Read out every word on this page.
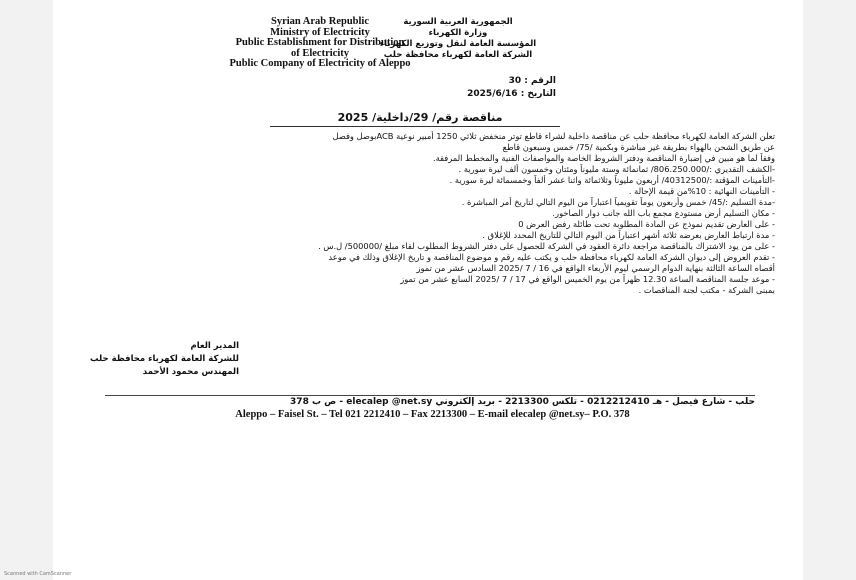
Syrian Arab Republic
Ministry of Electricity
Public Establishment for Distribution
of Electricity
Public Company of Electricity of Aleppo
الجمهورية العربية السورية
وزارة الكهرباء
المؤسسة العامة لنقل وتوزيع الكهرباء
الشركة العامة لكهرباء محافظة حلب
الرقم : 30
التاريخ : 2025/6/16
مناقصة رقم/ 29/داخلية/ 2025
تعلن الشركة العامة لكهرباء محافظة حلب عن مناقصة داخلية لشراء قاطع توتر منخفض ثلاثي 1250 أمبير نوعية ACBبوصل وفصل
عن طريق الشحن بالهواء بطريقة غير مباشرة وبكمية /75/ خمس وسبعون قاطع
وفقاً لما هو مبين في إضبارة المناقصة ودفتر الشروط الخاصة والمواصفات الفنية والمخطط المرفقة.
-الكشف التقديري :/806.250.000/ ثمانمائة وستة مليوناً ومئتان وخمسون ألف ليرة سورية .
-التأمينات المؤقتة :/40312500/ أربعون مليوناً وثلاثمائة واثنا عشر ألفاً وخمسمائة ليرة سورية .
- التأمينات النهائية : 10%من قيمة الإحالة .
-مدة التسليم :/45/ خمس وأربعون يوماً تقويمياً اعتباراً من اليوم التالي لتاريخ أمر المباشرة .
- مكان التسليم أرض مستودع مجمع باب الله جانب دوار الصاخور.
- على العارض تقديم نموذج عن المادة المطلوبة تحت طائلة رفض العرض 0
- مدة ارتباط العارض بعرضه ثلاثة أشهر اعتباراً من اليوم التالي للتاريخ المحدد للإغلاق .
- على من يود الاشتراك بالمناقصة مراجعة دائرة العقود في الشركة للحصول على دفتر الشروط المطلوب لقاء مبلغ /500000/ ل.س .
- تقدم العروض إلى ديوان الشركة العامة لكهرباء محافظة حلب و يكتب عليه رقم و موضوع المناقصة و تاريخ الإغلاق وذلك في موعد
أقصاه الساعة الثالثة بنهاية الدوام الرسمي ليوم الأربعاء الواقع في 16 / 7 /2025 السادس عشر من تموز
- موعد جلسة المناقصة الساعة 12.30 ظهراً من يوم الخميس الواقع في 17 / 7 /2025 السابع عشر من تموز
بمبنى الشركة - مكتب لجنة المناقصات .
المدير العام
للشركة العامة لكهرباء محافظة حلب
المهندس محمود الأحمد
حلب - شارع فيصل - هـ 0212212410 - تلكس 2213300 - بريد إلكتروني elecalep @net.sy - ص ب 378
Aleppo – Faisel St. – Tel 021 2212410 – Fax 2213300 – E-mail elecalep @net.sy– P.O. 378
Scanned with CamScanner
